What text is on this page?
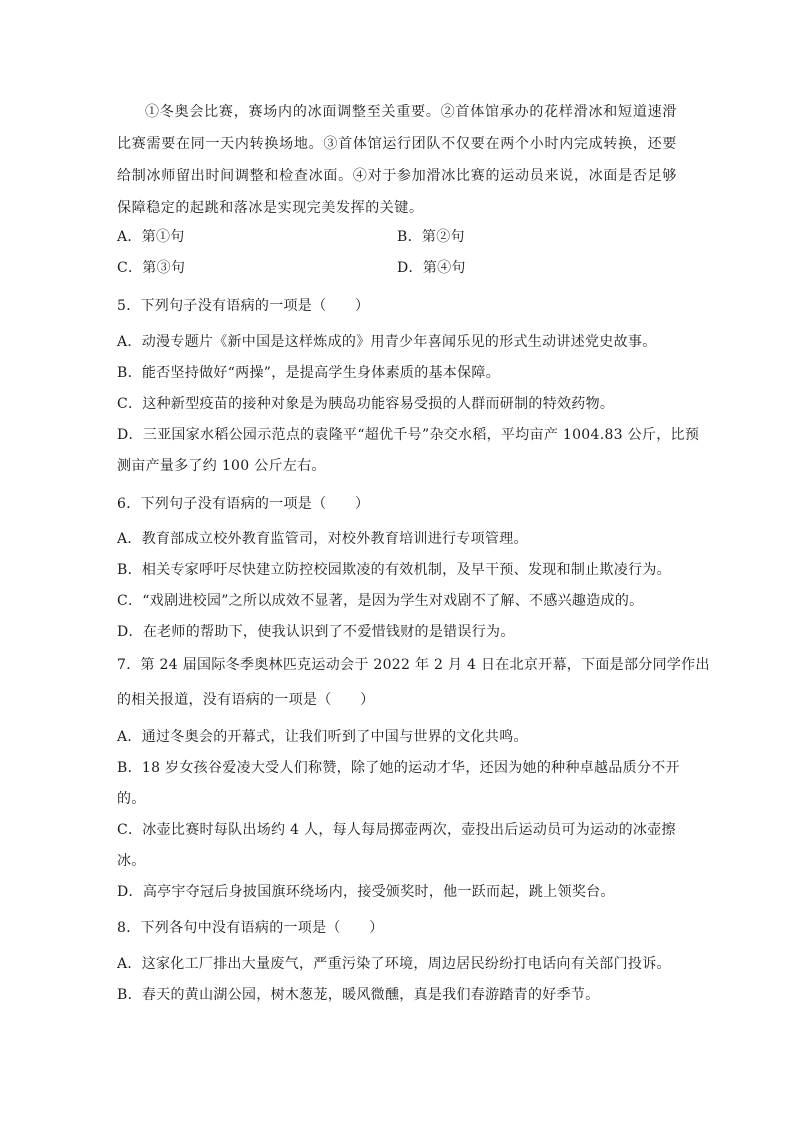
①冬奥会比赛，赛场内的冰面调整至关重要。②首体馆承办的花样滑冰和短道速滑比赛需要在同一天内转换场地。③首体馆运行团队不仅要在两个小时内完成转换，还要给制冰师留出时间调整和检查冰面。④对于参加滑冰比赛的运动员来说，冰面是否足够保障稳定的起跳和落冰是实现完美发挥的关键。

A．第①句	B．第②句
C．第③句	D．第④句
5．下列句子没有语病的一项是（　　）
A．动漫专题片《新中国是这样炼成的》用青少年喜闻乐见的形式生动讲述党史故事。
B．能否坚持做好“两操”，是提高学生身体素质的基本保障。
C．这种新型疫苗的接种对象是为胰岛功能容易受损的人群而研制的特效药物。
D．三亚国家水稻公园示范点的袁隆平“超优千号”杂交水稻，平均亩产 1004.83 公斤，比预
测亩产量多了约 100 公斤左右。
6．下列句子没有语病的一项是（　　）
A．教育部成立校外教育监管司，对校外教育培训进行专项管理。
B．相关专家呼吁尽快建立防控校园欺凌的有效机制，及早干预、发现和制止欺凌行为。
C．“戏剧进校园”之所以成效不显著，是因为学生对戏剧不了解、不感兴趣造成的。
D．在老师的帮助下，使我认识到了不爱惜钱财的是错误行为。
7．第 24 届国际冬季奥林匹克运动会于 2022 年 2 月 4 日在北京开幕，下面是部分同学作出
的相关报道，没有语病的一项是（　　）
A．通过冬奥会的开幕式，让我们听到了中国与世界的文化共鸣。
B．18 岁女孩谷爱凌大受人们称赞，除了她的运动才华，还因为她的种种卓越品质分不开
的。
C．冰壶比赛时每队出场约 4 人，每人每局掷壶两次，壶投出后运动员可为运动的冰壶擦
冰。
D．高亭宇夺冠后身披国旗环绕场内，接受颁奖时，他一跃而起，跳上领奖台。
8．下列各句中没有语病的一项是（　　）
A．这家化工厂排出大量废气，严重污染了环境，周边居民纷纷打电话向有关部门投诉。
B．春天的黄山湖公园，树木葱茏，暖风微醺，真是我们春游踏青的好季节。
